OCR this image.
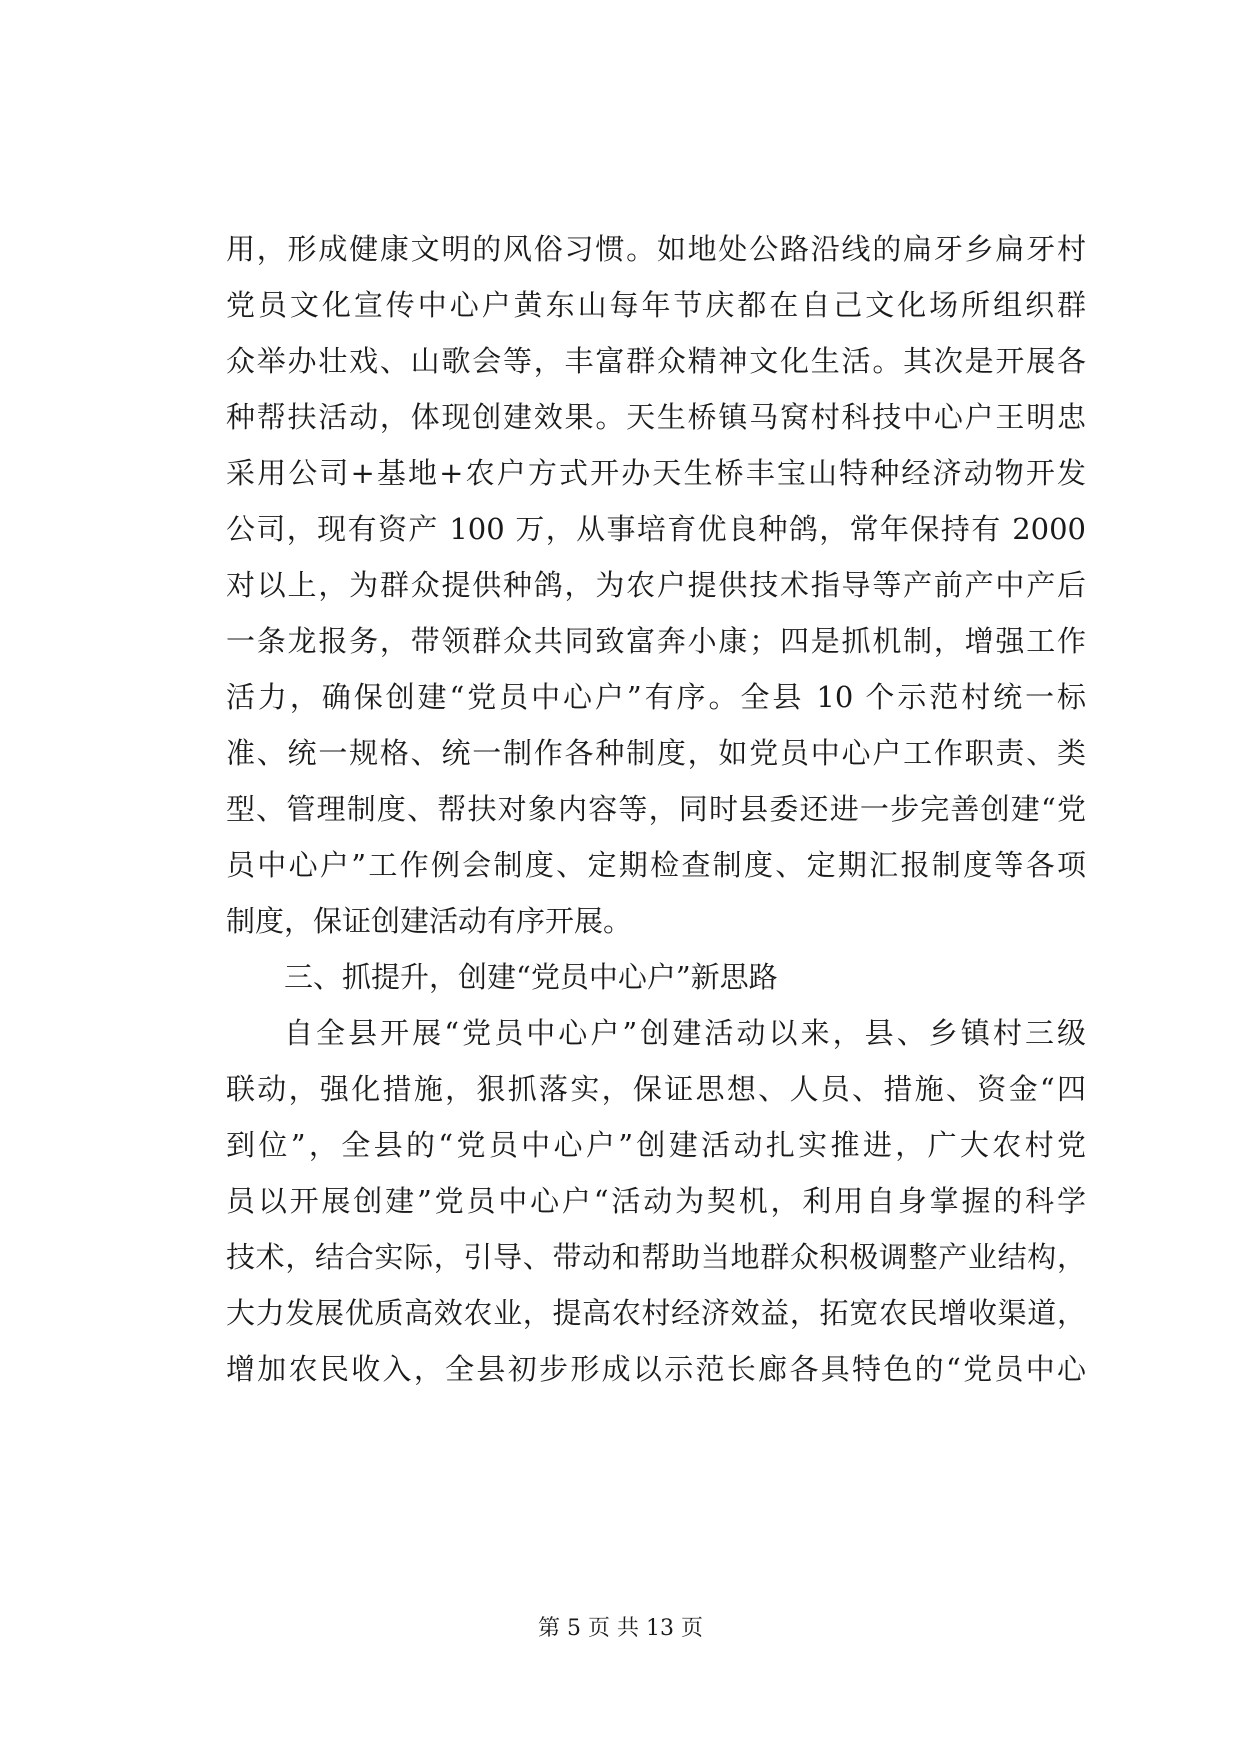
用，形成健康文明的风俗习惯。如地处公路沿线的扁牙乡扁牙村
党员文化宣传中心户黄东山每年节庆都在自己文化场所组织群
众举办壮戏、山歌会等，丰富群众精神文化生活。其次是开展各
种帮扶活动，体现创建效果。天生桥镇马窝村科技中心户王明忠
采用公司+基地+农户方式开办天生桥丰宝山特种经济动物开发
公司，现有资产 100 万，从事培育优良种鸽，常年保持有 2000
对以上，为群众提供种鸽，为农户提供技术指导等产前产中产后
一条龙报务，带领群众共同致富奔小康；四是抓机制，增强工作
活力，确保创建“党员中心户”有序。全县 10 个示范村统一标
准、统一规格、统一制作各种制度，如党员中心户工作职责、类
型、管理制度、帮扶对象内容等，同时县委还进一步完善创建“党
员中心户”工作例会制度、定期检查制度、定期汇报制度等各项
制度，保证创建活动有序开展。
三、抓提升，创建“党员中心户”新思路
自全县开展“党员中心户”创建活动以来，县、乡镇村三级
联动，强化措施，狠抓落实，保证思想、人员、措施、资金“四
到位”，全县的“党员中心户”创建活动扎实推进，广大农村党
员以开展创建”党员中心户“活动为契机，利用自身掌握的科学
技术，结合实际，引导、带动和帮助当地群众积极调整产业结构，
大力发展优质高效农业，提高农村经济效益，拓宽农民增收渠道，
增加农民收入，全县初步形成以示范长廊各具特色的“党员中心
第 5 页 共 13 页
